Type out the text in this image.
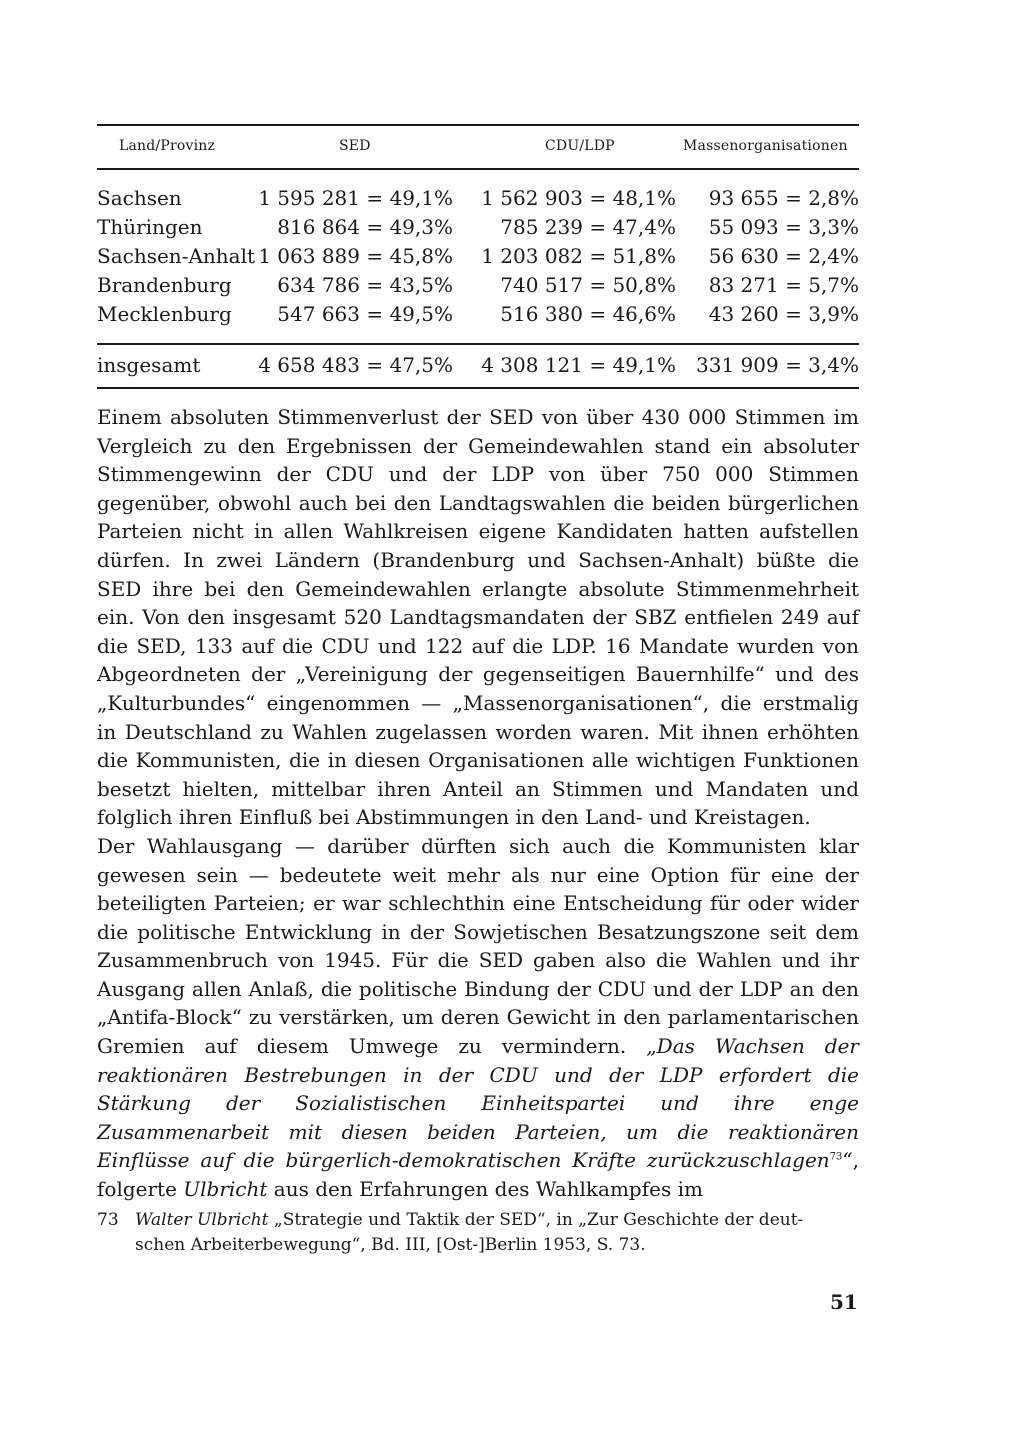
Land/Provinz	SED	CDU/LDP	Massenorganisationen
Sachsen	1 595 281 = 49,1% 1 562 903 = 48,1% 93 655 = 2,8%
Thüringen	816 864 = 49,3% 785 239 = 47,4% 55 093 = 3,3%
Sachsen-Anhalt 1 063 889 = 45,8% 1 203 082 = 51,8% 56 630 = 2,4%
Brandenburg 634 786 = 43,5% 740 517 = 50,8% 83 271 = 5,7%
Mecklenburg 547 663 = 49,5% 516 380 = 46,6% 43 260 = 3,9%
insgesamt	4 658 483 = 47,5% 4 308 121 = 49,1% 331 909 = 3,4%

Einem absoluten Stimmenverlust der SED von über 430 000 Stimmen im Vergleich zu den Ergebnissen der Gemeindewahlen stand ein absoluter Stimmengewinn der CDU und der LDP von über 750 000 Stimmen gegenüber, obwohl auch bei den Landtagswahlen die beiden bürgerlichen Parteien nicht in allen Wahlkreisen eigene Kandidaten hatten aufstellen dürfen. In zwei Ländern (Brandenburg und Sachsen-Anhalt) büßte die SED ihre bei den Gemeindewahlen erlangte absolute Stimmenmehrheit ein. Von den insgesamt 520 Landtagsmandaten der SBZ entfielen 249 auf die SED, 133 auf die CDU und 122 auf die LDP. 16 Mandate wurden von Abgeordneten der „Vereinigung der gegenseitigen Bauernhilfe“ und des „Kulturbundes“ eingenommen — „Massenorganisationen“, die erstmalig in Deutschland zu Wahlen zugelassen worden waren. Mit ihnen erhöhten die Kommunisten, die in diesen Organisationen alle wichtigen Funktionen besetzt hielten, mittelbar ihren Anteil an Stimmen und Mandaten und folglich ihren Einfluß bei Abstimmungen in den Land- und Kreistagen.

Der Wahlausgang — darüber dürften sich auch die Kommunisten klar gewesen sein — bedeutete weit mehr als nur eine Option für eine der beteiligten Parteien; er war schlechthin eine Entscheidung für oder wider die politische Entwicklung in der Sowjetischen Besatzungszone seit dem Zusammenbruch von 1945. Für die SED gaben also die Wahlen und ihr Ausgang allen Anlaß, die politische Bindung der CDU und der LDP an den „Antifa-Block“ zu verstärken, um deren Gewicht in den parlamentarischen Gremien auf diesem Umwege zu vermindern. „Das Wachsen der reaktionären Bestrebungen in der CDU und der LDP erfordert die Stärkung der Sozialistischen Einheitspartei und ihre enge Zusammenarbeit mit diesen beiden Parteien, um die reaktionären Einflüsse auf die bürgerlich-demokratischen Kräfte zurückzuschlagen$^{73}$“, folgerte Ulbricht aus den Erfahrungen des Wahlkampfes im

73 Walter Ulbricht „Strategie und Taktik der SED“, in „Zur Geschichte der deut-
schen Arbeiterbewegung“, Bd. III, [Ost-]Berlin 1953, S. 73.
51
